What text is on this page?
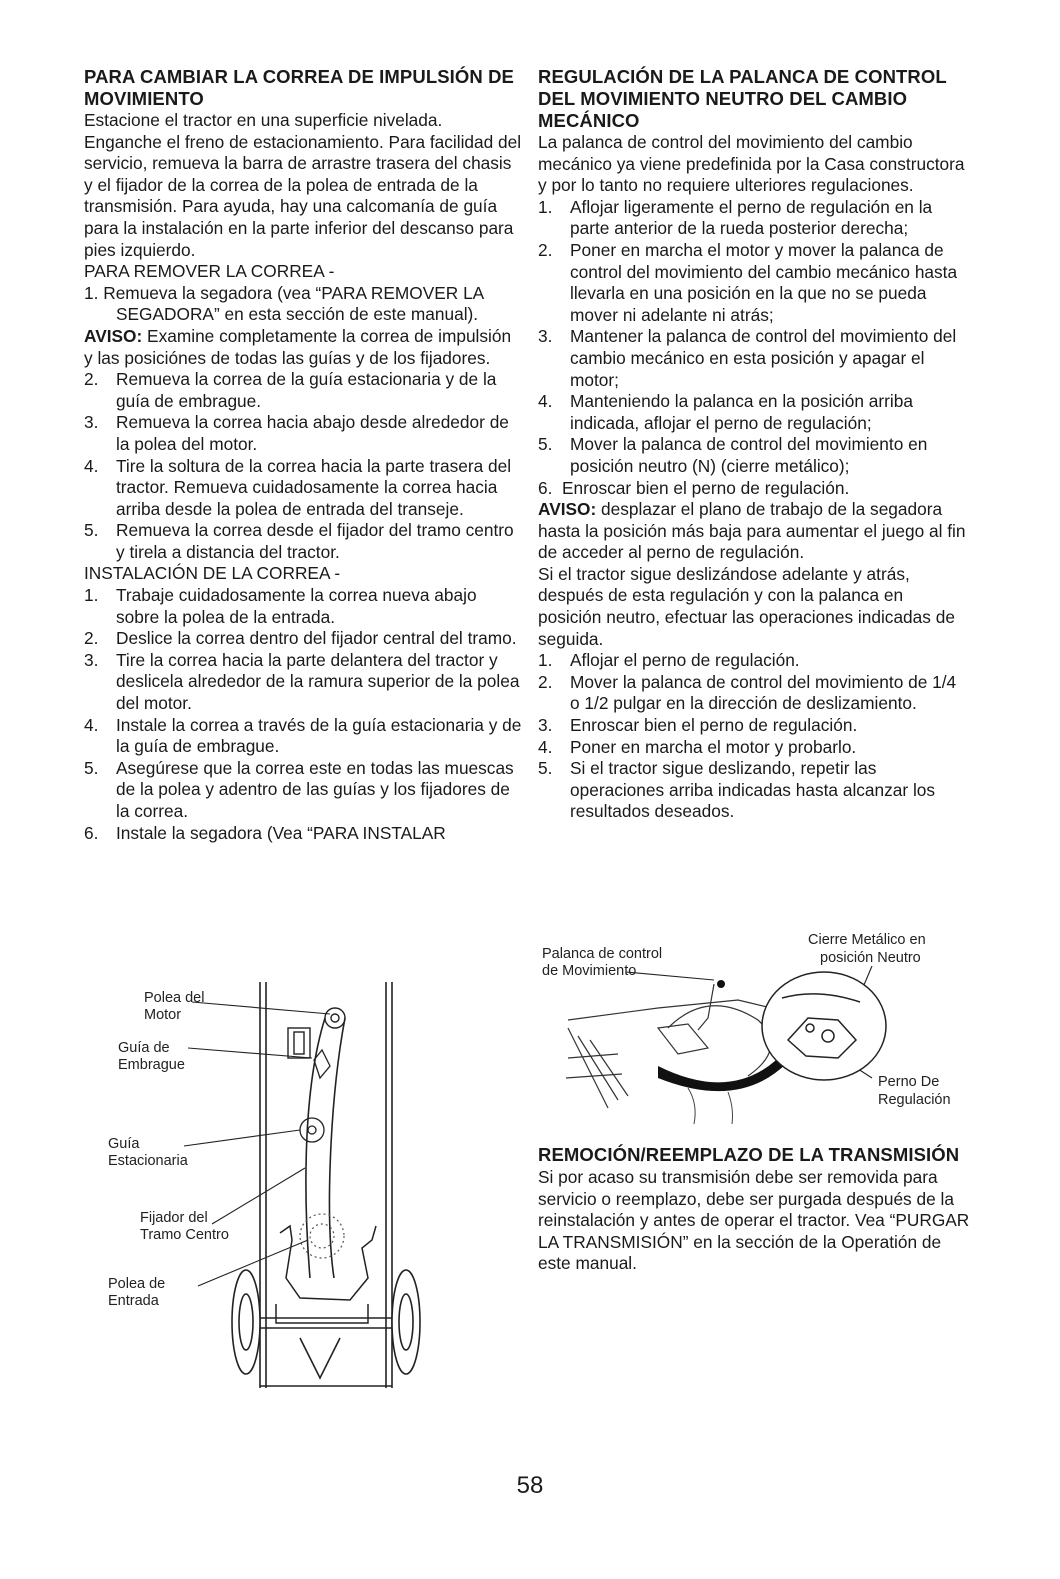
PARA CAMBIAR LA CORREA DE IMPULSIÓN DE MOVIMIENTO

Estacione el tractor en una superficie nivelada. Enganche el freno de estacionamiento. Para facilidad del servicio, remueva la barra de arrastre trasera del chasis y el fijador de la correa de la polea de entrada de la transmisión. Para ayuda, hay una calcomanía de guía para la instalación en la parte inferior del descanso para pies izquierdo.

PARA REMOVER LA CORREA -

1. Remueva la segadora (vea “PARA REMOVER LA SEGADORA” en esta sección de este manual).

AVISO: Examine completamente la correa de impulsión y las posiciónes de todas las guías y de los fijadores.

2. Remueva la correa de la guía estacionaria y de la guía de embrague.

3. Remueva la correa hacia abajo desde alrededor de la polea del motor.

4. Tire la soltura de la correa hacia la parte trasera del tractor. Remueva cuidadosamente la correa hacia arriba desde la polea de entrada del transeje.

5. Remueva la correa desde el fijador del tramo centro y tirela a distancia del tractor.

INSTALACIÓN DE LA CORREA -

1. Trabaje cuidadosamente la correa nueva abajo sobre la polea de la entrada.

2. Deslice la correa dentro del fijador central del tramo.

3. Tire la correa hacia la parte delantera del tractor y deslicela alrededor de la ramura superior de la polea del motor.

4. Instale la correa a través de la guía estacionaria y de la guía de embrague.

5. Asegúrese que la correa este en todas las muescas de la polea y adentro de las guías y los fijadores de la correa.

6. Instale la segadora (Vea “PARA INSTALAR

Polea del
Motor
Guía de
Embrague
Guía
Estacionaria
Fijador del
Tramo Centro
Polea de
Entrada
REGULACIÓN DE LA PALANCA DE CONTROL DEL MOVIMIENTO NEUTRO DEL CAMBIO MECÁNICO

La palanca de control del movimiento del cambio mecánico ya viene predefinida por la Casa constructora y por lo tanto no requiere ulteriores regulaciones.

1. Aflojar ligeramente el perno de regulación en la parte anterior de la rueda posterior derecha;

2. Poner en marcha el motor y mover la palanca de control del movimiento del cambio mecánico hasta llevarla en una posición en la que no se pueda mover ni adelante ni atrás;

3. Mantener la palanca de control del movimiento del cambio mecánico en esta posición y apagar el motor;

4. Manteniendo la palanca en la posición arriba indicada, aflojar el perno de regulación;

5. Mover la palanca de control del movimiento en posición neutro (N) (cierre metálico);

6. Enroscar bien el perno de regulación.

AVISO: desplazar el plano de trabajo de la segadora hasta la posición más baja para aumentar el juego al fin de acceder al perno de regulación.

Si el tractor sigue deslizándose adelante y atrás, después de esta regulación y con la palanca en posición neutro, efectuar las operaciones indicadas de seguida.

1. Aflojar el perno de regulación.

2. Mover la palanca de control del movimiento de 1/4 o 1/2 pulgar en la dirección de deslizamiento.

3. Enroscar bien el perno de regulación.

4. Poner en marcha el motor y probarlo.

5. Si el tractor sigue deslizando, repetir las operaciones arriba indicadas hasta alcanzar los resultados deseados.

Palanca de control
de Movimiento
Cierre Metálico en
posición Neutro
Perno De
Regulación
REMOCIÓN/REEMPLAZO DE LA TRANSMISIÓN

Si por acaso su transmisión debe ser removida para servicio o reemplazo, debe ser purgada después de la reinstalación y antes de operar el tractor. Vea “PURGAR LA TRANSMISIÓN” en la sección de la Operatión de este manual.

58
